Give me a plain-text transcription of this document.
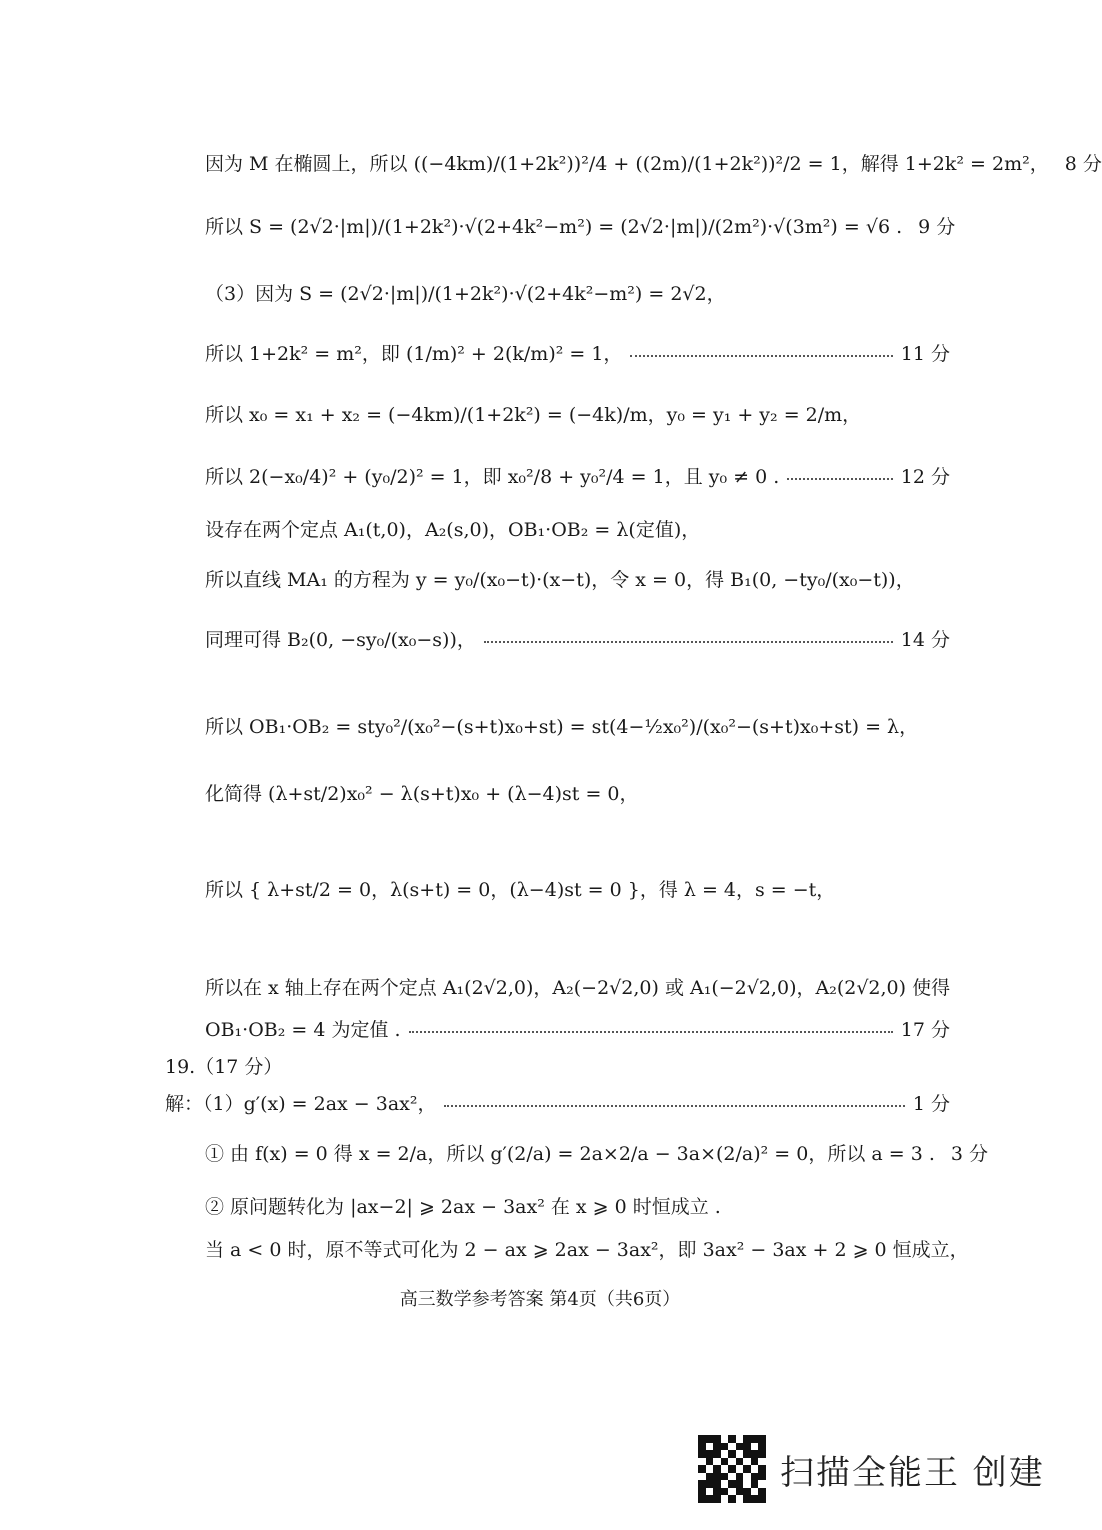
因为 M 在椭圆上，所以 ((−4km)/(1+2k²))²/4 + ((2m)/(1+2k²))²/2 = 1，解得 1+2k² = 2m²， 8 分
所以 S = (2√2·|m|)/(1+2k²)·√(2+4k²−m²) = (2√2·|m|)/(2m²)·√(3m²) = √6 . 9 分
（3）因为 S = (2√2·|m|)/(1+2k²)·√(2+4k²−m²) = 2√2，
所以 1+2k² = m²，即 (1/m)² + 2(k/m)² = 1，	11 分
所以 x₀ = x₁ + x₂ = (−4km)/(1+2k²) = (−4k)/m，y₀ = y₁ + y₂ = 2/m，
所以 2(−x₀/4)² + (y₀/2)² = 1，即 x₀²/8 + y₀²/4 = 1，且 y₀ ≠ 0 .	12 分
设存在两个定点 A₁(t,0)，A₂(s,0)，OB₁·OB₂ = λ(定值)，
所以直线 MA₁ 的方程为 y = y₀/(x₀−t)·(x−t)，令 x = 0，得 B₁(0, −ty₀/(x₀−t))，
同理可得 B₂(0, −sy₀/(x₀−s))，	14 分
所以 OB₁·OB₂ = sty₀²/(x₀²−(s+t)x₀+st) = st(4−½x₀²)/(x₀²−(s+t)x₀+st) = λ，
化简得 (λ+st/2)x₀² − λ(s+t)x₀ + (λ−4)st = 0，
所以 { λ+st/2 = 0，λ(s+t) = 0，(λ−4)st = 0 }，得 λ = 4，s = −t，
所以在 x 轴上存在两个定点 A₁(2√2,0)，A₂(−2√2,0) 或 A₁(−2√2,0)，A₂(2√2,0) 使得
OB₁·OB₂ = 4 为定值 .	17 分
19.（17 分）
解：（1）g′(x) = 2ax − 3ax²，	1 分
① 由 f(x) = 0 得 x = 2/a，所以 g′(2/a) = 2a×2/a − 3a×(2/a)² = 0，所以 a = 3 . 3 分
② 原问题转化为 |ax−2| ⩾ 2ax − 3ax² 在 x ⩾ 0 时恒成立 .
当 a < 0 时，原不等式可化为 2 − ax ⩾ 2ax − 3ax²，即 3ax² − 3ax + 2 ⩾ 0 恒成立，
高三数学参考答案 第4页（共6页）
扫描全能王 创建
